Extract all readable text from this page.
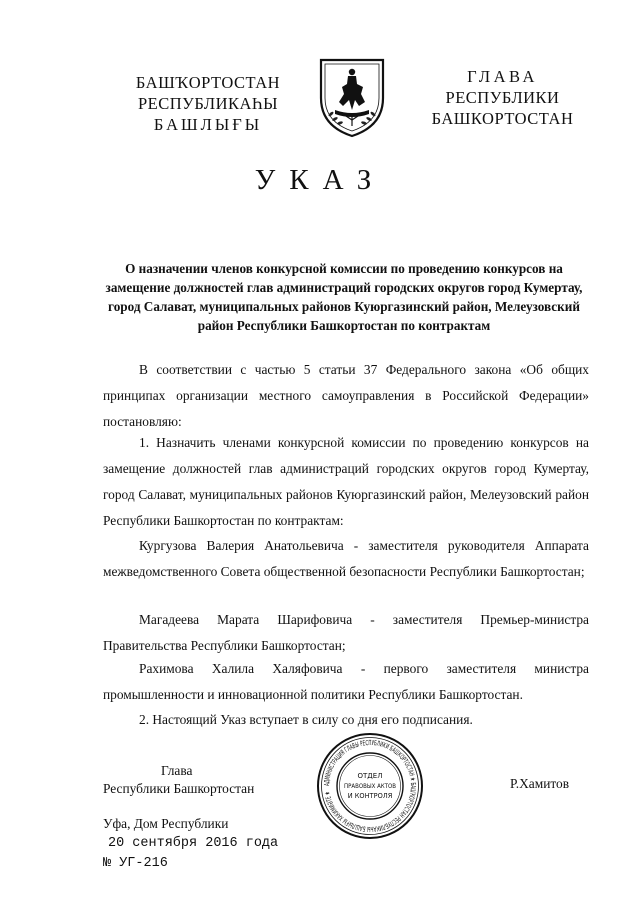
БАШҠОРТОСТАН
РЕСПУБЛИКАҺЫ
БАШЛЫҒЫ
ГЛАВА
РЕСПУБЛИКИ
БАШКОРТОСТАН
УКАЗ
О назначении членов конкурсной комиссии по проведению конкурсов на замещение должностей глав администраций городских округов город Кумертау, город Салават, муниципальных районов Куюргазинский район, Мелеузовский район Республики Башкортостан по контрактам
В соответствии с частью 5 статьи 37 Федерального закона «Об общих принципах организации местного самоуправления в Российской Федерации» постановляю:
1. Назначить членами конкурсной комиссии по проведению конкурсов на замещение должностей глав администраций городских округов город Кумертау, город Салават, муниципальных районов Куюргазинский район, Мелеузовский район Республики Башкортостан по контрактам:
Кургузова Валерия Анатольевича - заместителя руководителя Аппарата межведомственного Совета общественной безопасности Республики Башкортостан;
Магадеева Марата Шарифовича - заместителя Премьер-министра Правительства Республики Башкортостан;
Рахимова Халила Халяфовича - первого заместителя министра промышленности и инновационной политики Республики Башкортостан.
2. Настоящий Указ вступает в силу со дня его подписания.
Глава
Республики Башкортостан	Р.Хамитов
АДМИНИСТРАЦИЯ ГЛАВЫ РЕСПУБЛИКИ БАШКОРТОСТАН ★ БАШҠОРТОСТАН РЕСПУБЛИКАҺЫ БАШЛЫҒЫ ХАКИМИӘТЕ ★
ОТДЕЛ
ПРАВОВЫХ АКТОВ
И КОНТРОЛЯ
Уфа, Дом Республики
20 сентября 2016 года
№ УГ-216
